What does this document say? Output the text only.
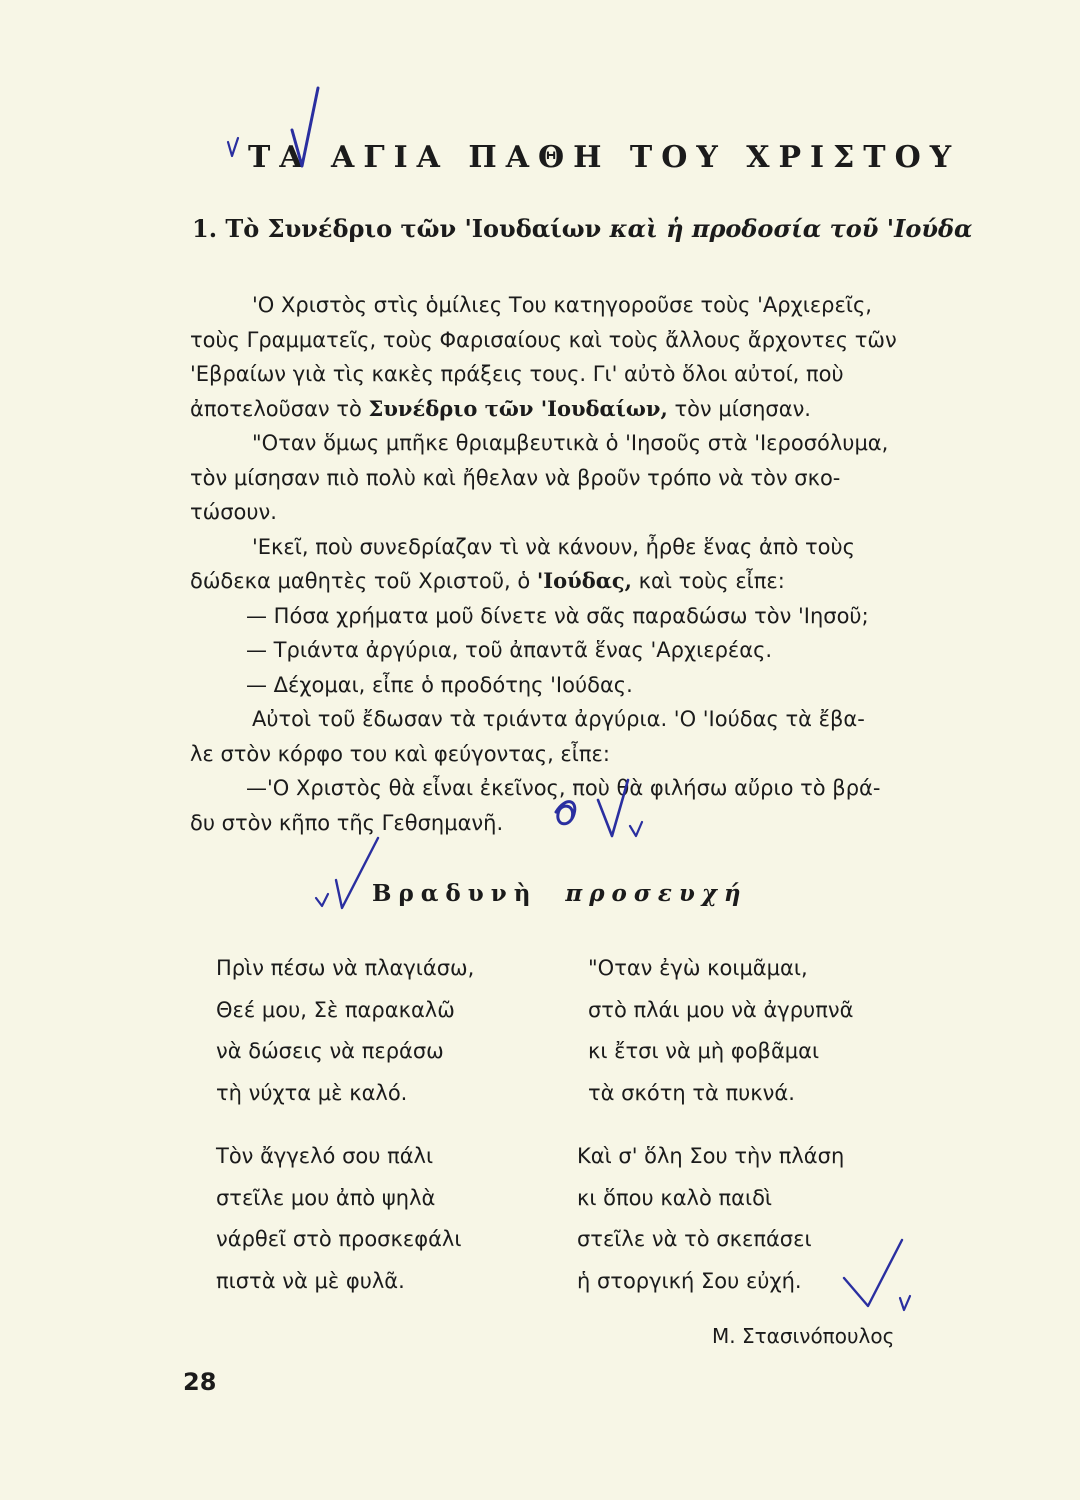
ΤΑ ΑΓΙΑ ΠΑΘΗ ΤΟΥ ΧΡΙΣΤΟΥ
1. Τὸ Συνέδριο τῶν 'Ιουδαίων καὶ ἡ προδοσία τοῦ 'Ιούδα

'Ο Χριστὸς στὶς ὁμίλιες Του κατηγοροῦσε τοὺς 'Αρχιερεῖς,

τοὺς Γραμματεῖς, τοὺς Φαρισαίους καὶ τοὺς ἄλλους ἄρχοντες τῶν

'Εβραίων γιὰ τὶς κακὲς πράξεις τους. Γι' αὐτὸ ὅλοι αὐτοί, ποὺ

ἀποτελοῦσαν τὸ Συνέδριο τῶν 'Ιουδαίων, τὸν μίσησαν.

"Οταν ὅμως μπῆκε θριαμβευτικὰ ὁ 'Ιησοῦς στὰ 'Ιεροσόλυμα,

τὸν μίσησαν πιὸ πολὺ καὶ ἤθελαν νὰ βροῦν τρόπο νὰ τὸν σκο-

τώσουν.

'Εκεῖ, ποὺ συνεδρίαζαν τὶ νὰ κάνουν, ἦρθε ἕνας ἀπὸ τοὺς

δώδεκα μαθητὲς τοῦ Χριστοῦ, ὁ 'Ιούδας, καὶ τοὺς εἶπε:

— Πόσα χρήματα μοῦ δίνετε νὰ σᾶς παραδώσω τὸν 'Ιησοῦ;

— Τριάντα ἀργύρια, τοῦ ἀπαντᾶ ἕνας 'Αρχιερέας.

— Δέχομαι, εἶπε ὁ προδότης 'Ιούδας.

Αὐτοὶ τοῦ ἔδωσαν τὰ τριάντα ἀργύρια. 'Ο 'Ιούδας τὰ ἔβα-

λε στὸν κόρφο του καὶ φεύγοντας, εἶπε:

—'Ο Χριστὸς θὰ εἶναι ἐκεῖνος, ποὺ θὰ φιλήσω αὔριο τὸ βρά-

δυ στὸν κῆπο τῆς Γεθσημανῆ.

Βραδυνὴ προσευχή
Πρὶν πέσω νὰ πλαγιάσω,
Θεέ μου, Σὲ παρακαλῶ
νὰ δώσεις νὰ περάσω
τὴ νύχτα μὲ καλό.
"Οταν ἐγὼ κοιμᾶμαι,
στὸ πλάι μου νὰ ἀγρυπνᾶ
κι ἔτσι νὰ μὴ φοβᾶμαι
τὰ σκότη τὰ πυκνά.
Τὸν ἄγγελό σου πάλι
στεῖλε μου ἀπὸ ψηλὰ
νάρθεῖ στὸ προσκεφάλι
πιστὰ νὰ μὲ φυλᾶ.
Καὶ σ' ὅλη Σου τὴν πλάση
κι ὅπου καλὸ παιδὶ
στεῖλε νὰ τὸ σκεπάσει
ἡ στοργική Σου εὐχή.
Μ. Στασινόπουλος
28
Απέξω
